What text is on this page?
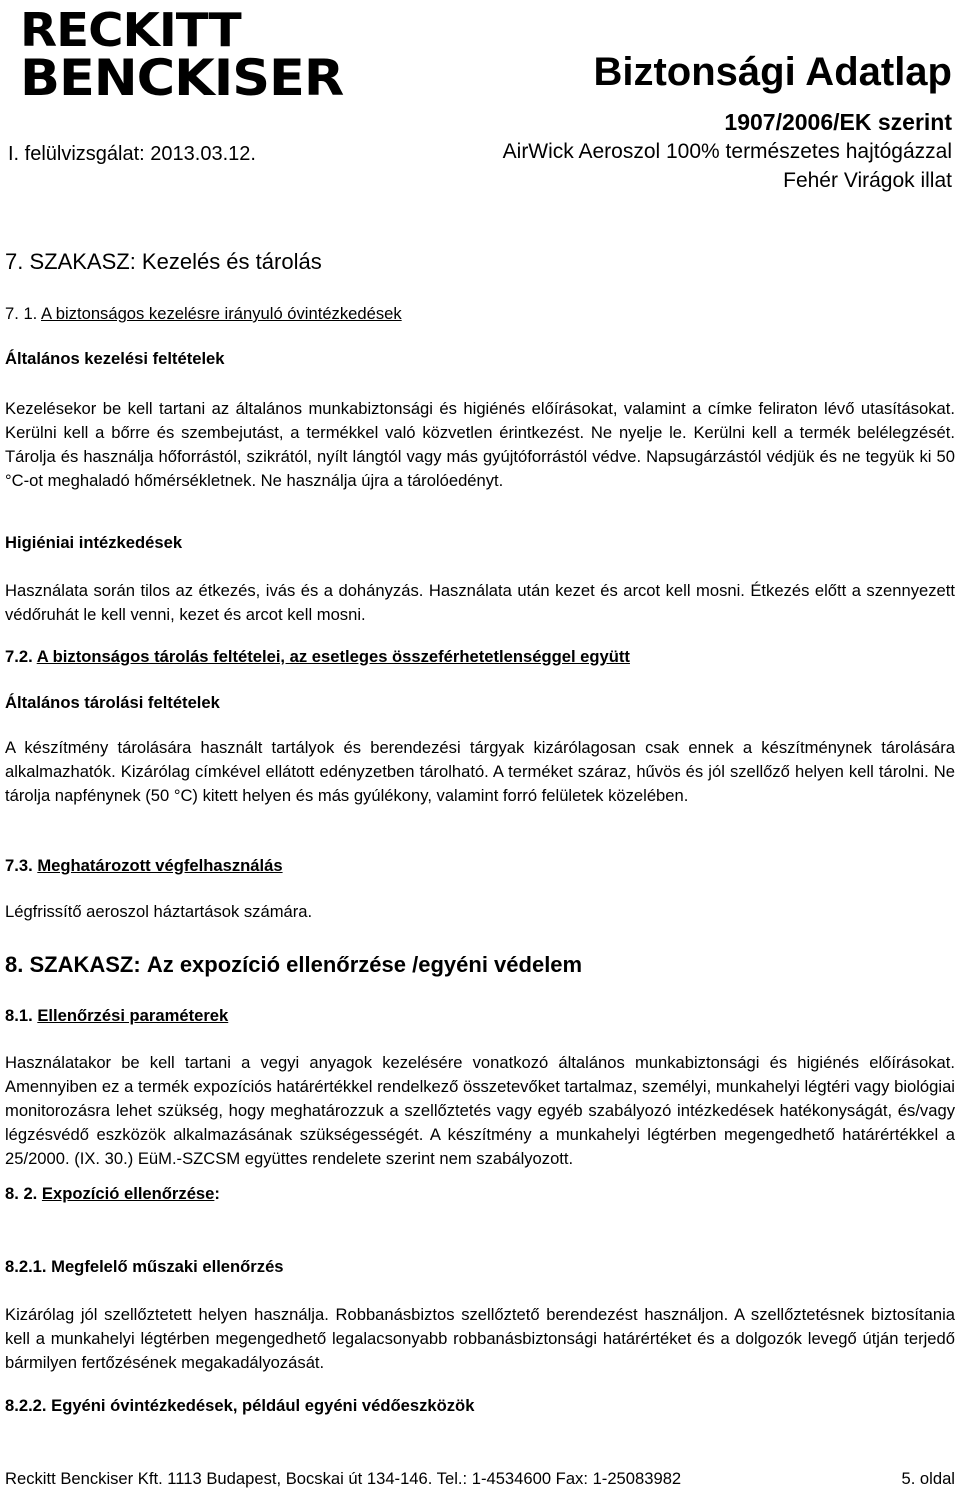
RECKITT
BENCKISER	Biztonsági Adatlap
1907/2006/EK szerint
I. felülvizsgálat: 2013.03.12.	AirWick Aeroszol 100% természetes hajtógázzal
Fehér Virágok illat
7. SZAKASZ: Kezelés és tárolás
7. 1. A biztonságos kezelésre irányuló óvintézkedések
Általános kezelési feltételek
Kezelésekor be kell tartani az általános munkabiztonsági és higiénés előírásokat, valamint a címke feliraton lévő utasításokat. Kerülni kell a bőrre és szembejutást, a termékkel való közvetlen érintkezést. Ne nyelje le. Kerülni kell a termék belélegzését. Tárolja és használja hőforrástól, szikrától, nyílt lángtól vagy más gyújtóforrástól védve. Napsugárzástól védjük és ne tegyük ki 50 °C-ot meghaladó hőmérsékletnek. Ne használja újra a tárolóedényt.
Higiéniai intézkedések
Használata során tilos az étkezés, ivás és a dohányzás. Használata után kezet és arcot kell mosni. Étkezés előtt a szennyezett védőruhát le kell venni, kezet és arcot kell mosni.
7.2. A biztonságos tárolás feltételei, az esetleges összeférhetetlenséggel együtt
Általános tárolási feltételek
A készítmény tárolására használt tartályok és berendezési tárgyak kizárólagosan csak ennek a készítménynek tárolására alkalmazhatók. Kizárólag címkével ellátott edényzetben tárolható. A terméket száraz, hűvös és jól szellőző helyen kell tárolni. Ne tárolja napfénynek (50 °C) kitett helyen és más gyúlékony, valamint forró felületek közelében.
7.3. Meghatározott végfelhasználás
Légfrissítő aeroszol háztartások számára.
8. SZAKASZ: Az expozíció ellenőrzése /egyéni védelem
8.1. Ellenőrzési paraméterek
Használatakor be kell tartani a vegyi anyagok kezelésére vonatkozó általános munkabiztonsági és higiénés előírásokat. Amennyiben ez a termék expozíciós határértékkel rendelkező összetevőket tartalmaz, személyi, munkahelyi légtéri vagy biológiai monitorozásra lehet szükség, hogy meghatározzuk a szellőztetés vagy egyéb szabályozó intézkedések hatékonyságát, és/vagy légzésvédő eszközök alkalmazásának szükségességét. A készítmény a munkahelyi légtérben megengedhető határértékkel a 25/2000. (IX. 30.) EüM.-SZCSM együttes rendelete szerint nem szabályozott.
8. 2. Expozíció ellenőrzése:
8.2.1. Megfelelő műszaki ellenőrzés
Kizárólag jól szellőztetett helyen használja. Robbanásbiztos szellőztető berendezést használjon. A szellőztetésnek biztosítania kell a munkahelyi légtérben megengedhető legalacsonyabb robbanásbiztonsági határértéket és a dolgozók levegő útján terjedő bármilyen fertőzésének megakadályozását.
8.2.2. Egyéni óvintézkedések, például egyéni védőeszközök
Reckitt Benckiser Kft. 1113 Budapest, Bocskai út 134-146. Tel.: 1-4534600 Fax: 1-25083982	5. oldal
